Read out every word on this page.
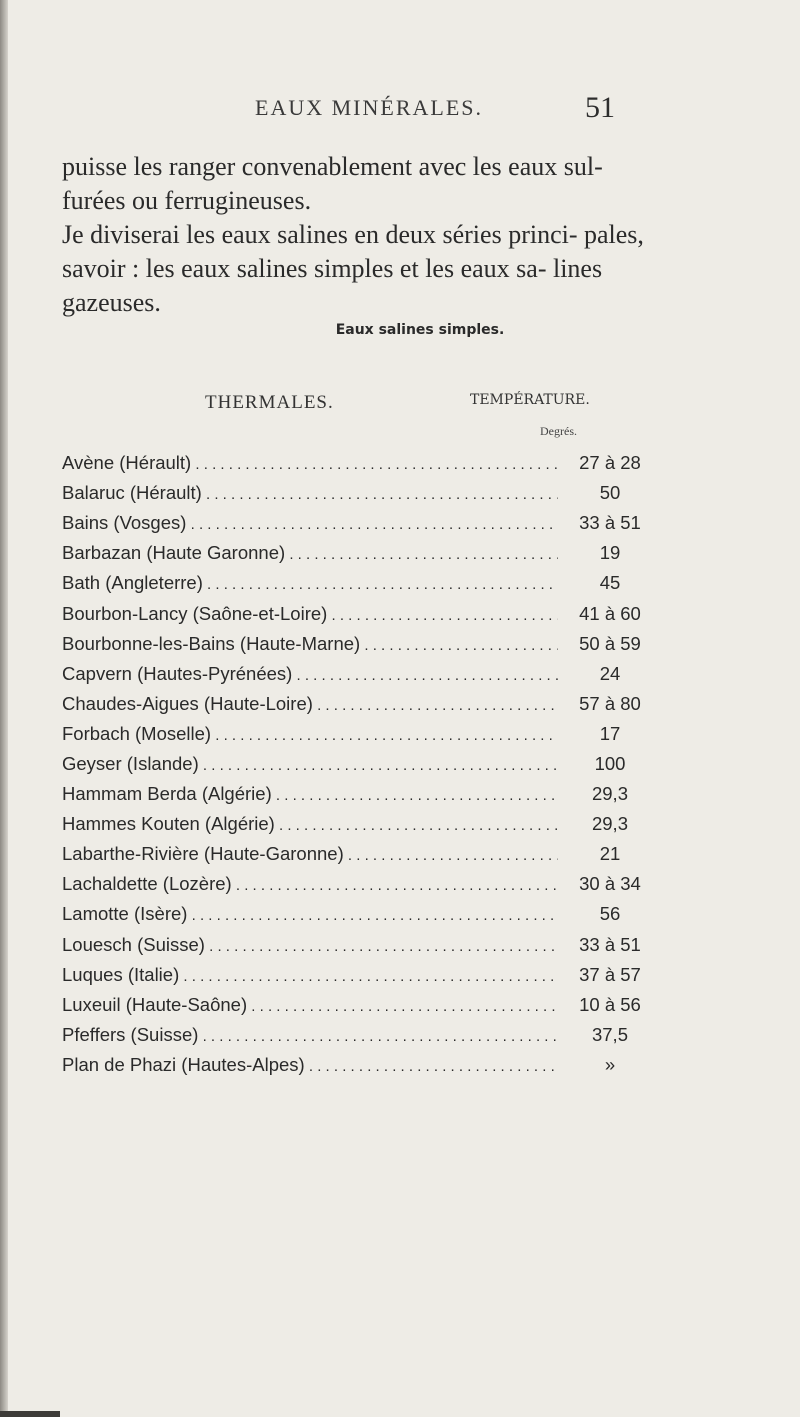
EAUX MINÉRALES.	51

puisse les ranger convenablement avec les eaux sul- furées ou ferrugineuses.

Je diviserai les eaux salines en deux séries princi- pales, savoir : les eaux salines simples et les eaux sa- lines gazeuses.

Eaux salines simples.
THERMALES.	TEMPÉRATURE.
Degrés.
Avène (Hérault) . . .	27 à 28
Balaruc (Hérault) . . .	50
Bains (Vosges) . . .	33 à 51
Barbazan (Haute Garonne) . . .	19
Bath (Angleterre) . . .	45
Bourbon-Lancy (Saône-et-Loire) . . .	41 à 60
Bourbonne-les-Bains (Haute-Marne) . . .	50 à 59
Capvern (Hautes-Pyrénées) . . .	24
Chaudes-Aigues (Haute-Loire) . . .	57 à 80
Forbach (Moselle) . . .	17
Geyser (Islande) . . .	100
Hammam Berda (Algérie) . . .	29,3
Hammes Kouten (Algérie) . . .	29,3
Labarthe-Rivière (Haute-Garonne) . . .	21
Lachaldette (Lozère) . . .	30 à 34
Lamotte (Isère) . . .	56
Louesch (Suisse) . . .	33 à 51
Luques (Italie) . . .	37 à 57
Luxeuil (Haute-Saône) . . .	10 à 56
Pfeffers (Suisse) . . .	37,5
Plan de Phazi (Hautes-Alpes) . . .	»
